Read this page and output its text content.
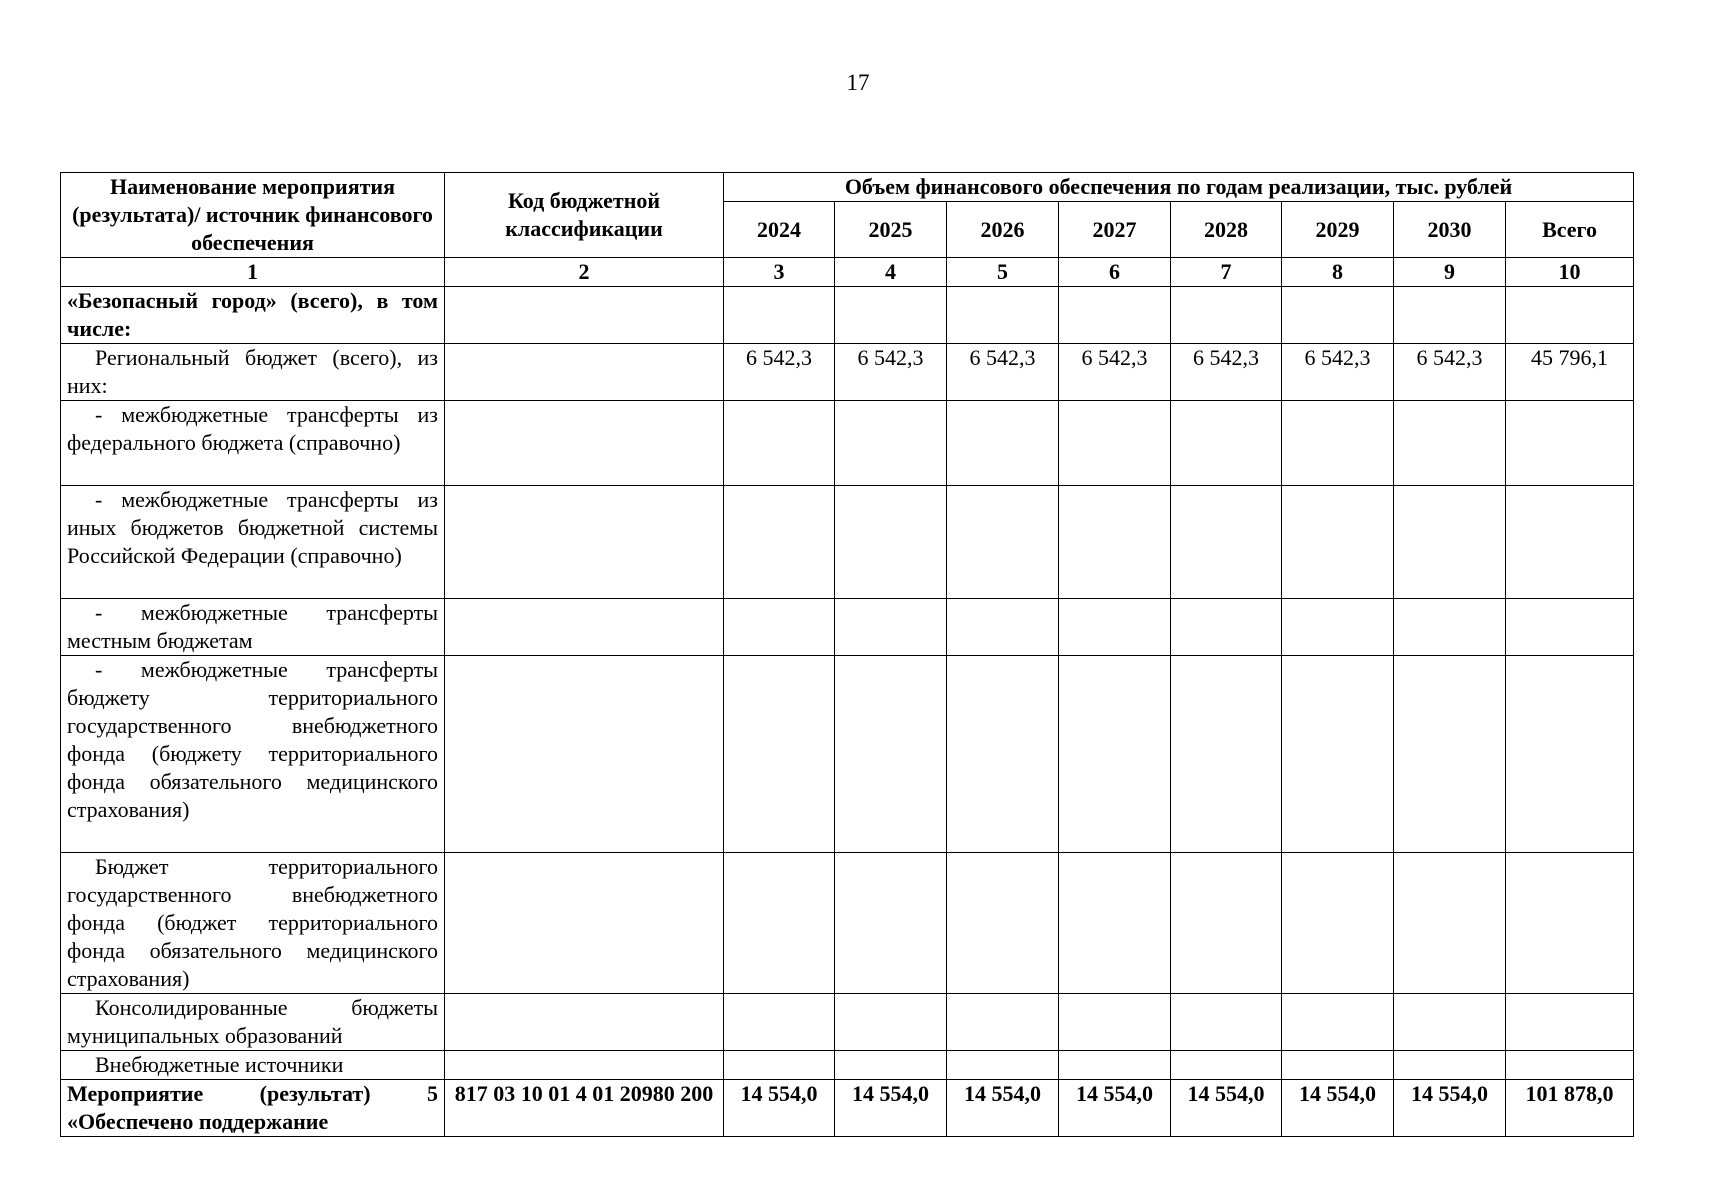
17
Наименование мероприятия (результата)/ источник финансового обеспечения	Код бюджетной классификации	Объем финансового обеспечения по годам реализации, тыс. рублей							
		2024	2025	2026	2027	2028	2029	2030	Всего
1	2	3	4	5	6	7	8	9	10
«Безопасный город» (всего), в том числе:									
Региональный бюджет (всего), из них:		6 542,3	6 542,3	6 542,3	6 542,3	6 542,3	6 542,3	6 542,3	45 796,1
- межбюджетные трансферты из федерального бюджета (справочно)									
- межбюджетные трансферты из иных бюджетов бюджетной системы Российской Федерации (справочно)									
- межбюджетные трансферты местным бюджетам									
- межбюджетные трансферты бюджету территориального государственного внебюджетного фонда (бюджету территориального фонда обязательного медицинского страхования)									
Бюджет территориального государственного внебюджетного фонда (бюджет территориального фонда обязательного медицинского страхования)									
Консолидированные бюджеты муниципальных образований									
Внебюджетные источники									
Мероприятие (результат) 5 «Обеспечено поддержание	817 03 10 01 4 01 20980 200	14 554,0	14 554,0	14 554,0	14 554,0	14 554,0	14 554,0	14 554,0	101 878,0
